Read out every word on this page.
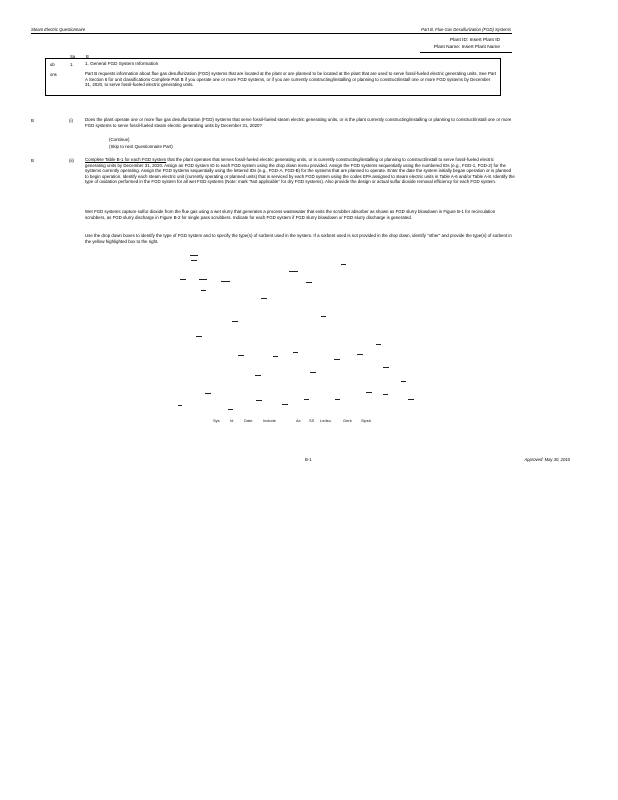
Steam Electric Questionnaire	Part B. Flue Gas Desulfurization (FGD) Systems
Plant ID: Insert Plant ID
Plant Name: Insert Plant Name
Sa	B
ub	1.	1. General FGD System Information
ons	Part B requests information about flue gas desulfurization (FGD) systems that are located at the plant or are planned to be located at the plant that are used to serve fossil-fueled electric generating units. See Part A Section 6 for unit classifications Complete Part B if you operate one or more FGD systems, or if you are currently constructing/installing or planning to construct/install one or more FGD systems by December 31, 2020, to serve fossil-fueled electric generating units.
B	(i)	Does the plant operate one or more flue gas desulfurization (FGD) systems that serve fossil-fueled steam electric generating units, or is the plant currently constructing/installing or planning to construct/install one or more FGD systems to serve fossil-fueled steam electric generating units by December 31, 2020?
(Continue)
(Skip to next Questionnaire Part)
B	(ii)	Complete Table B-1 for each FGD system that the plant operates that serves fossil-fueled electric generating units, or is currently constructing/installing or planning to construct/install to serve fossil-fueled electric generating units by December 31, 2020. Assign an FGD system ID to each FGD system using the drop down menu provided. Assign the FGD systems sequentially using the numbered IDs (e.g., FGD-1, FGD-2) for the systems currently operating. Assign the FGD systems sequentially using the lettered IDs (e.g., FGD-A, FGD-B) for the systems that are planned to operate. Enter the date the system initially began operation or is planned to begin operation. Identify each steam electric unit (currently operating or planned units) that is serviced by each FGD system using the codes EPA assigned to steam electric units in Table A-6 and/or Table A-8. Identify the type of oxidation performed in the FGD system for all wet FGD systems (Note: mark "Not applicable" for dry FGD systems). Also provide the design or actual sulfur dioxide removal efficiency for each FGD system.
Wet FGD systems capture sulfur dioxide from the flue gas using a wet slurry that generates a process wastewater that exits the scrubber absorber as shown as FGD slurry blowdown in Figure B-1 for recirculation scrubbers, as FGD slurry discharge in Figure B-2 for single pass scrubbers. Indicate for each FGD system if FGD slurry blowdown or FGD slurry discharge is generated.
Use the drop down boxes to identify the type of FGD system and to specify the type(s) of sorbent used in the system. If a sorbent used is not provided in the drop down, identify "other" and provide the type(s) of sorbent in the yellow highlighted box to the right.
Sys	Id	Date	Include	Ac SS Ledsu	Gent Sipsh
B-1	Approved: May 30, 2010
